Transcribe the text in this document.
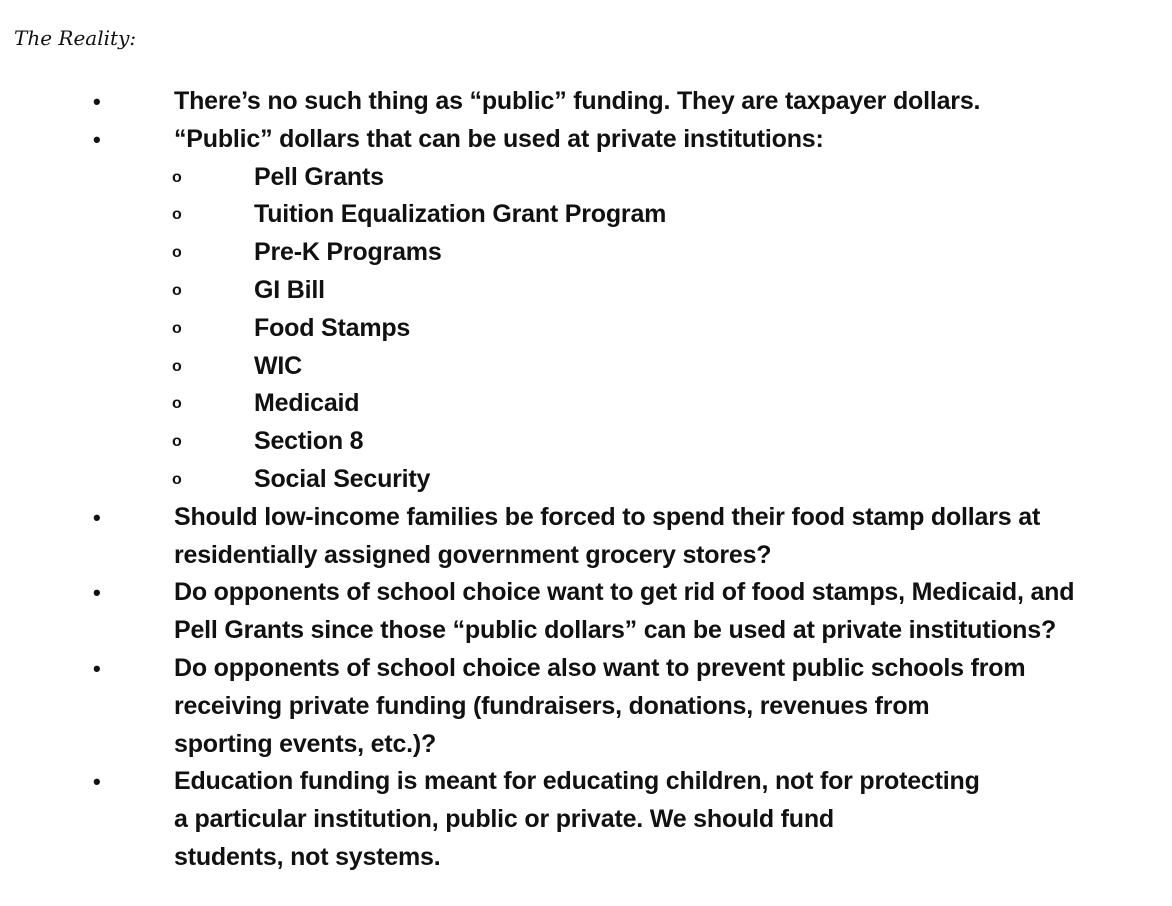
The Reality:
•	There’s no such thing as “public” funding. They are taxpayer dollars.
•	“Public” dollars that can be used at private institutions:
o	Pell Grants
o	Tuition Equalization Grant Program
o	Pre-K Programs
o	GI Bill
o	Food Stamps
o	WIC
o	Medicaid
o	Section 8
o	Social Security
•	Should low-income families be forced to spend their food stamp dollars at
residentially assigned government grocery stores?
•	Do opponents of school choice want to get rid of food stamps, Medicaid, and
Pell Grants since those “public dollars” can be used at private institutions?
•	Do opponents of school choice also want to prevent public schools from
receiving private funding (fundraisers, donations, revenues from
sporting events, etc.)?
•	Education funding is meant for educating children, not for protecting
a particular institution, public or private. We should fund
students, not systems.
